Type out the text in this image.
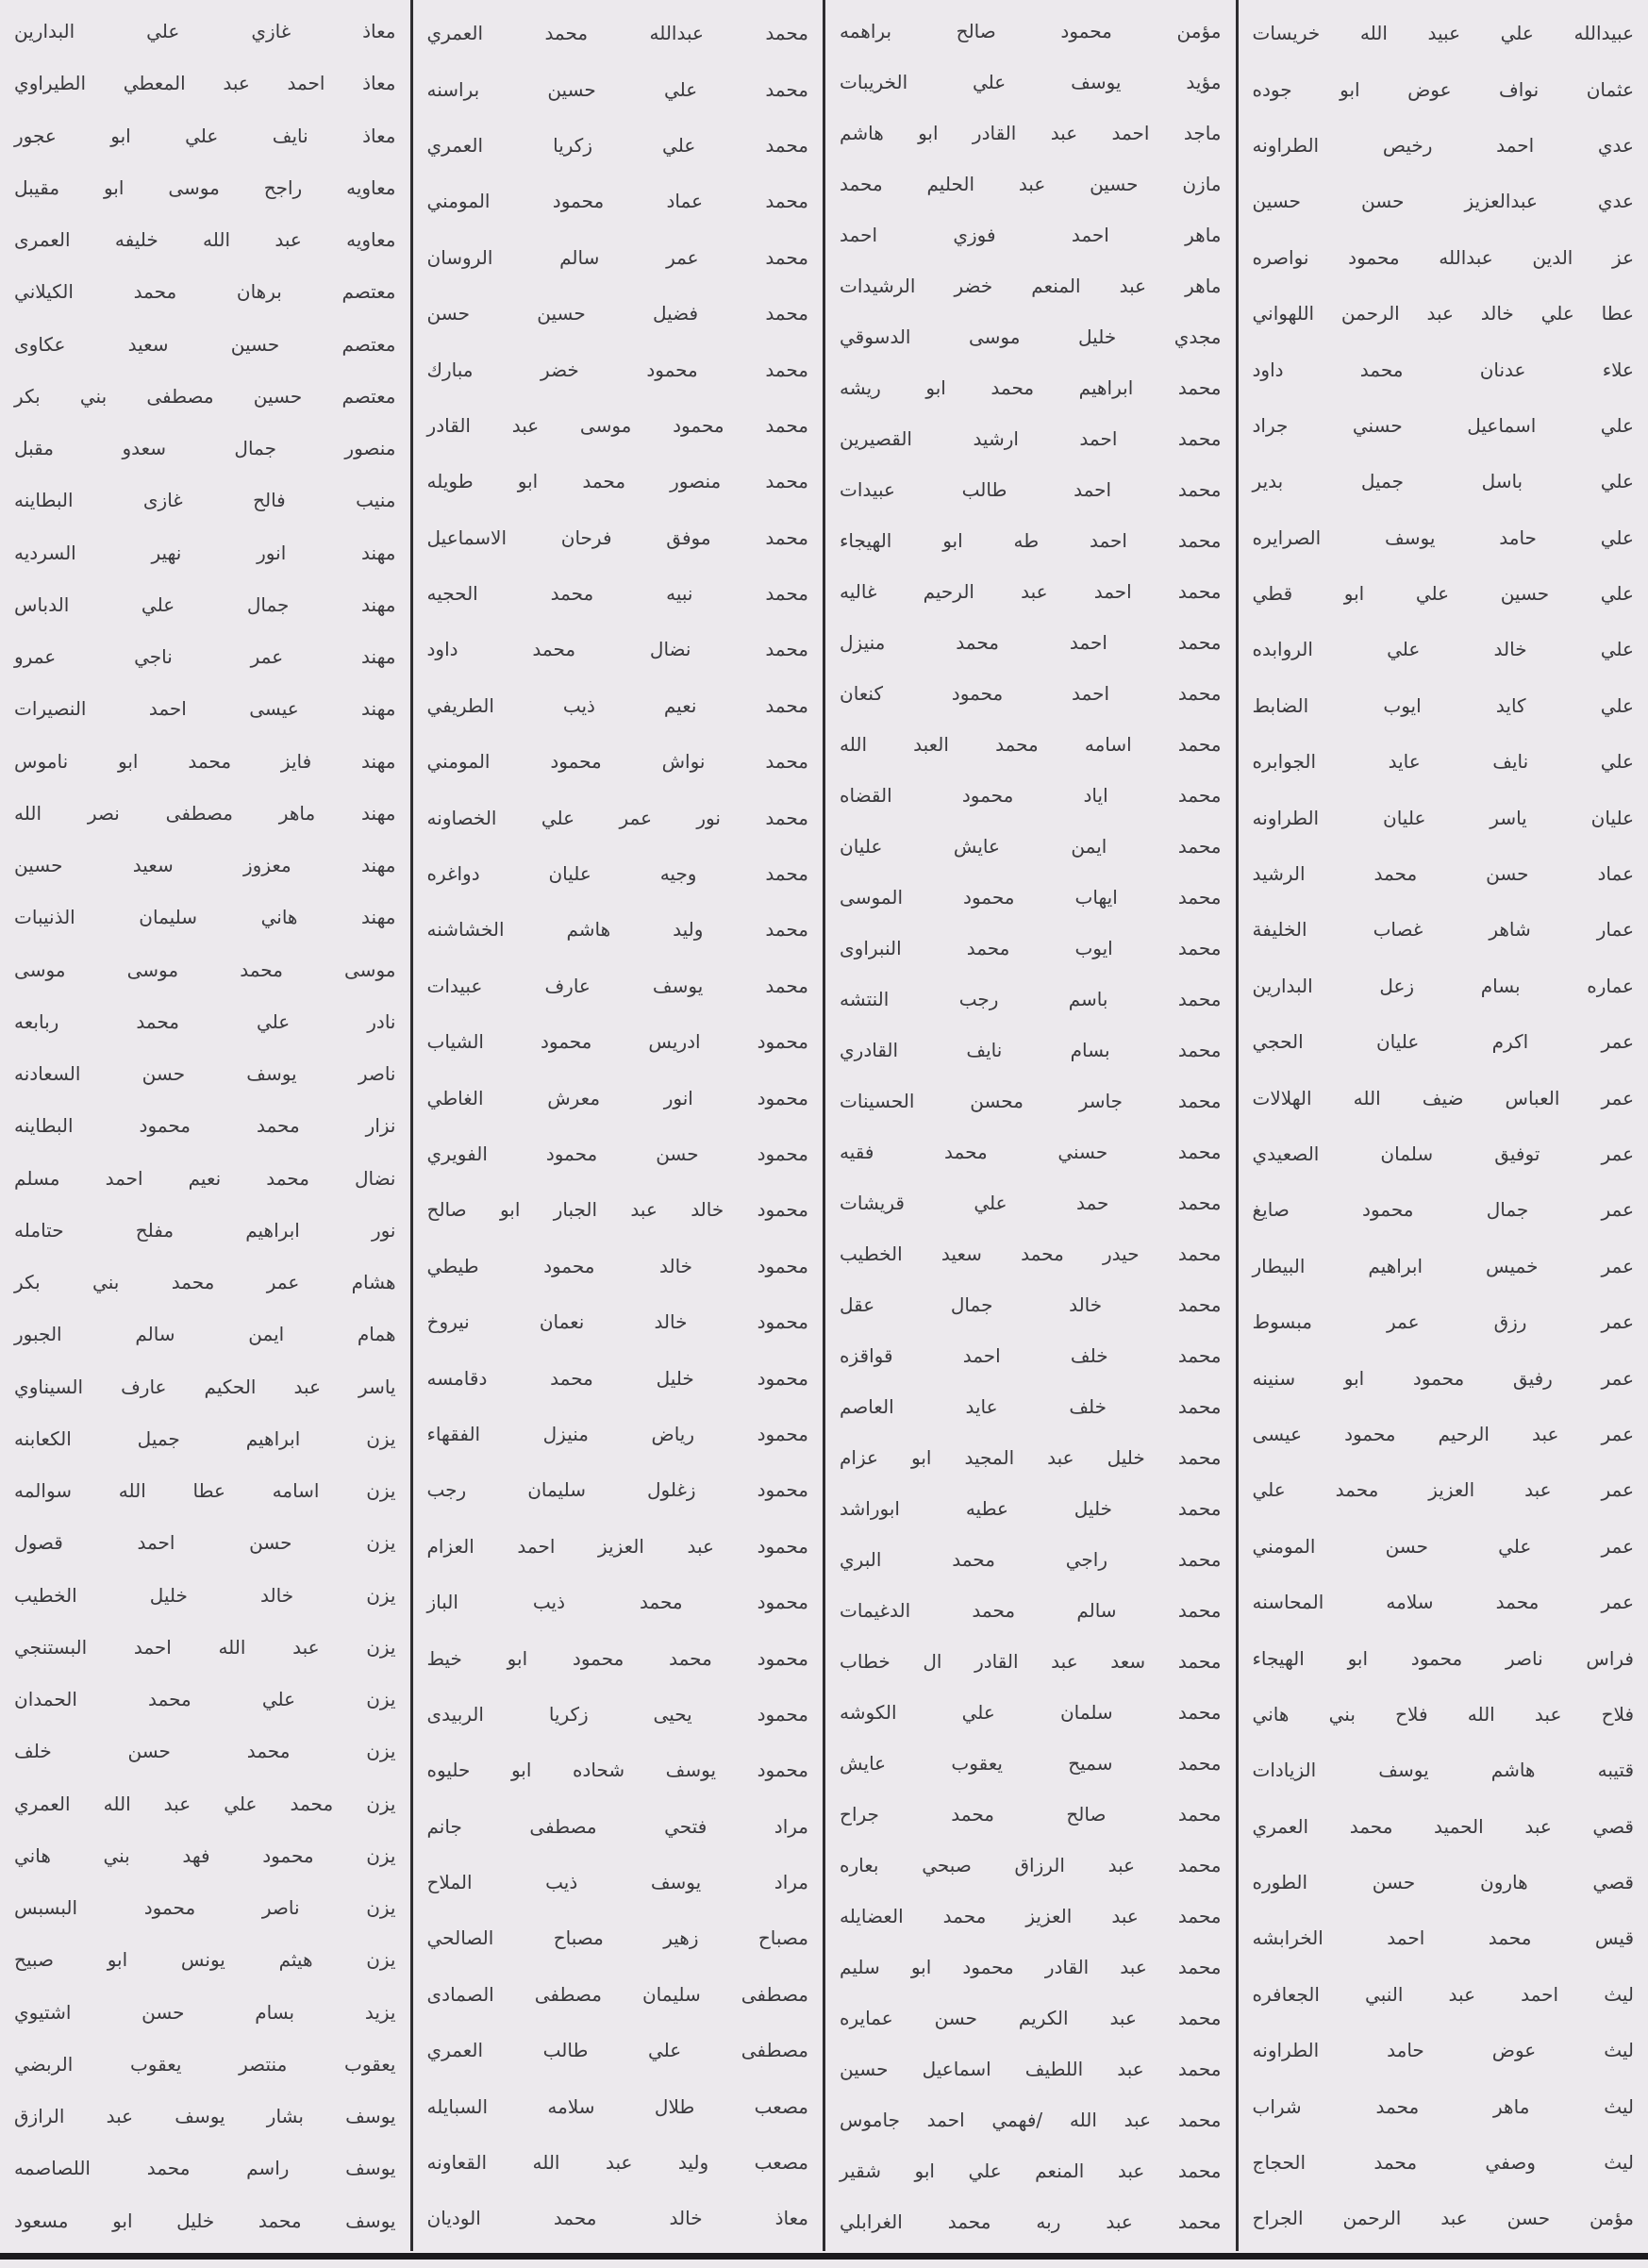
عبيدالله
علي
عبيد
الله
خريسات
عثمان
نواف
عوض
ابو
جوده
عدي
احمد
رخيص
الطراونه
عدي
عبدالعزيز
حسن
حسين
عز
الدين
عبدالله
محمود
نواصره
عطا
علي
خالد
عبد
الرحمن
اللهواني
علاء
عدنان
محمد
داود
علي
اسماعيل
حسني
جراد
علي
باسل
جميل
بدير
علي
حامد
يوسف
الصرايره
علي
حسين
علي
ابو
قطي
علي
خالد
علي
الروابده
علي
كايد
ايوب
الضابط
علي
نايف
عايد
الجوابره
عليان
ياسر
عليان
الطراونه
عماد
حسن
محمد
الرشيد
عمار
شاهر
غصاب
الخليفة
عماره
بسام
زعل
البدارين
عمر
اكرم
عليان
الحجي
عمر
العباس
ضيف
الله
الهلالات
عمر
توفيق
سلمان
الصعيدي
عمر
جمال
محمود
صايغ
عمر
خميس
ابراهيم
البيطار
عمر
رزق
عمر
مبسوط
عمر
رفيق
محمود
ابو
سنينه
عمر
عبد
الرحيم
محمود
عيسى
عمر
عبد
العزيز
محمد
علي
عمر
علي
حسن
المومني
عمر
محمد
سلامه
المحاسنه
فراس
ناصر
محمود
ابو
الهيجاء
فلاح
عبد
الله
فلاح
بني
هاني
قتيبه
هاشم
يوسف
الزيادات
قصي
عبد
الحميد
محمد
العمري
قصي
هارون
حسن
الطوره
قيس
محمد
احمد
الخرابشه
ليث
احمد
عبد
النبي
الجعافره
ليث
عوض
حامد
الطراونه
ليث
ماهر
محمد
شراب
ليث
وصفي
محمد
الحجاج
مؤمن
حسن
عبد
الرحمن
الجراح
مؤمن
محمود
صالح
براهمه
مؤيد
يوسف
علي
الخريبات
ماجد
احمد
عبد
القادر
ابو
هاشم
مازن
حسين
عبد
الحليم
محمد
ماهر
احمد
فوزي
احمد
ماهر
عبد
المنعم
خضر
الرشيدات
مجدي
خليل
موسى
الدسوقي
محمد
ابراهيم
محمد
ابو
ريشه
محمد
احمد
ارشيد
القصيرين
محمد
احمد
طالب
عبيدات
محمد
احمد
طه
ابو
الهيجاء
محمد
احمد
عبد
الرحيم
غاليه
محمد
احمد
محمد
منيزل
محمد
احمد
محمود
كنعان
محمد
اسامه
محمد
العبد
الله
محمد
اياد
محمود
القضاه
محمد
ايمن
عايش
عليان
محمد
ايهاب
محمود
الموسى
محمد
ايوب
محمد
النبراوى
محمد
باسم
رجب
النتشه
محمد
بسام
نايف
القادري
محمد
جاسر
محسن
الحسينات
محمد
حسني
محمد
فقيه
محمد
حمد
علي
قريشات
محمد
حيدر
محمد
سعيد
الخطيب
محمد
خالد
جمال
عقل
محمد
خلف
احمد
قواقزه
محمد
خلف
عايد
العاصم
محمد
خليل
عبد
المجيد
ابو
عزام
محمد
خليل
عطيه
ابوراشد
محمد
راجي
محمد
البري
محمد
سالم
محمد
الدغيمات
محمد
سعد
عبد
القادر
ال
خطاب
محمد
سلمان
علي
الكوشه
محمد
سميح
يعقوب
عايش
محمد
صالح
محمد
جراح
محمد
عبد
الرزاق
صبحي
بعاره
محمد
عبد
العزيز
محمد
العضايله
محمد
عبد
القادر
محمود
ابو
سليم
محمد
عبد
الكريم
حسن
عمايره
محمد
عبد
اللطيف
اسماعيل
حسين
محمد
عبد
الله
/فهمي
احمد
جاموس
محمد
عبد
المنعم
علي
ابو
شقير
محمد
عبد
ربه
محمد
الغرابلي
محمد
عبدالله
محمد
العمري
محمد
علي
حسين
براسنه
محمد
علي
زكريا
العمري
محمد
عماد
محمود
المومني
محمد
عمر
سالم
الروسان
محمد
فضيل
حسين
حسن
محمد
محمود
خضر
مبارك
محمد
محمود
موسى
عبد
القادر
محمد
منصور
محمد
ابو
طويله
محمد
موفق
فرحان
الاسماعيل
محمد
نبيه
محمد
الحجيه
محمد
نضال
محمد
داود
محمد
نعيم
ذيب
الطريفي
محمد
نواش
محمود
المومني
محمد
نور
عمر
علي
الخصاونه
محمد
وجيه
عليان
دواغره
محمد
وليد
هاشم
الخشاشنه
محمد
يوسف
عارف
عبيدات
محمود
ادريس
محمود
الشياب
محمود
انور
معرش
الغاطي
محمود
حسن
محمود
الفويري
محمود
خالد
عبد
الجبار
ابو
صالح
محمود
خالد
محمود
طيطي
محمود
خالد
نعمان
نيروخ
محمود
خليل
محمد
دقامسه
محمود
رياض
منيزل
الفقهاء
محمود
زغلول
سليمان
رجب
محمود
عبد
العزيز
احمد
العزام
محمود
محمد
ذيب
الباز
محمود
محمد
محمود
ابو
خيط
محمود
يحيى
زكريا
الربيدى
محمود
يوسف
شحاده
ابو
حليوه
مراد
فتحي
مصطفى
جانم
مراد
يوسف
ذيب
الملاح
مصباح
زهير
مصباح
الصالحي
مصطفى
سليمان
مصطفى
الصمادى
مصطفى
علي
طالب
العمري
مصعب
طلال
سلامه
السبايله
مصعب
وليد
عبد
الله
القعاونه
معاذ
خالد
محمد
الوديان
معاذ
غازي
علي
البدارين
معاذ
احمد
عبد
المعطي
الطيراوي
معاذ
نايف
علي
ابو
عجور
معاويه
راجح
موسى
ابو
مقيبل
معاويه
عبد
الله
خليفه
العمرى
معتصم
برهان
محمد
الكيلاني
معتصم
حسين
سعيد
عكاوى
معتصم
حسين
مصطفى
بني
بكر
منصور
جمال
سعدو
مقبل
منيب
فالح
غازى
البطاينه
مهند
انور
نهير
السرديه
مهند
جمال
علي
الدباس
مهند
عمر
ناجي
عمرو
مهند
عيسى
احمد
النصيرات
مهند
فايز
محمد
ابو
ناموس
مهند
ماهر
مصطفى
نصر
الله
مهند
معزوز
سعيد
حسين
مهند
هاني
سليمان
الذنيبات
موسى
محمد
موسى
موسى
نادر
علي
محمد
ربابعه
ناصر
يوسف
حسن
السعادنه
نزار
محمد
محمود
البطاينه
نضال
محمد
نعيم
احمد
مسلم
نور
ابراهيم
مفلح
حتامله
هشام
عمر
محمد
بني
بكر
همام
ايمن
سالم
الجبور
ياسر
عبد
الحكيم
عارف
السيناوي
يزن
ابراهيم
جميل
الكعابنه
يزن
اسامه
عطا
الله
سوالمه
يزن
حسن
احمد
قصول
يزن
خالد
خليل
الخطيب
يزن
عبد
الله
احمد
البستنجي
يزن
علي
محمد
الحمدان
يزن
محمد
حسن
خلف
يزن
محمد
علي
عبد
الله
العمري
يزن
محمود
فهد
بني
هاني
يزن
ناصر
محمود
البسبس
يزن
هيثم
يونس
ابو
صبيح
يزيد
بسام
حسن
اشتيوي
يعقوب
منتصر
يعقوب
الربضي
يوسف
بشار
يوسف
عبد
الرازق
يوسف
راسم
محمد
اللصاصمه
يوسف
محمد
خليل
ابو
مسعود
